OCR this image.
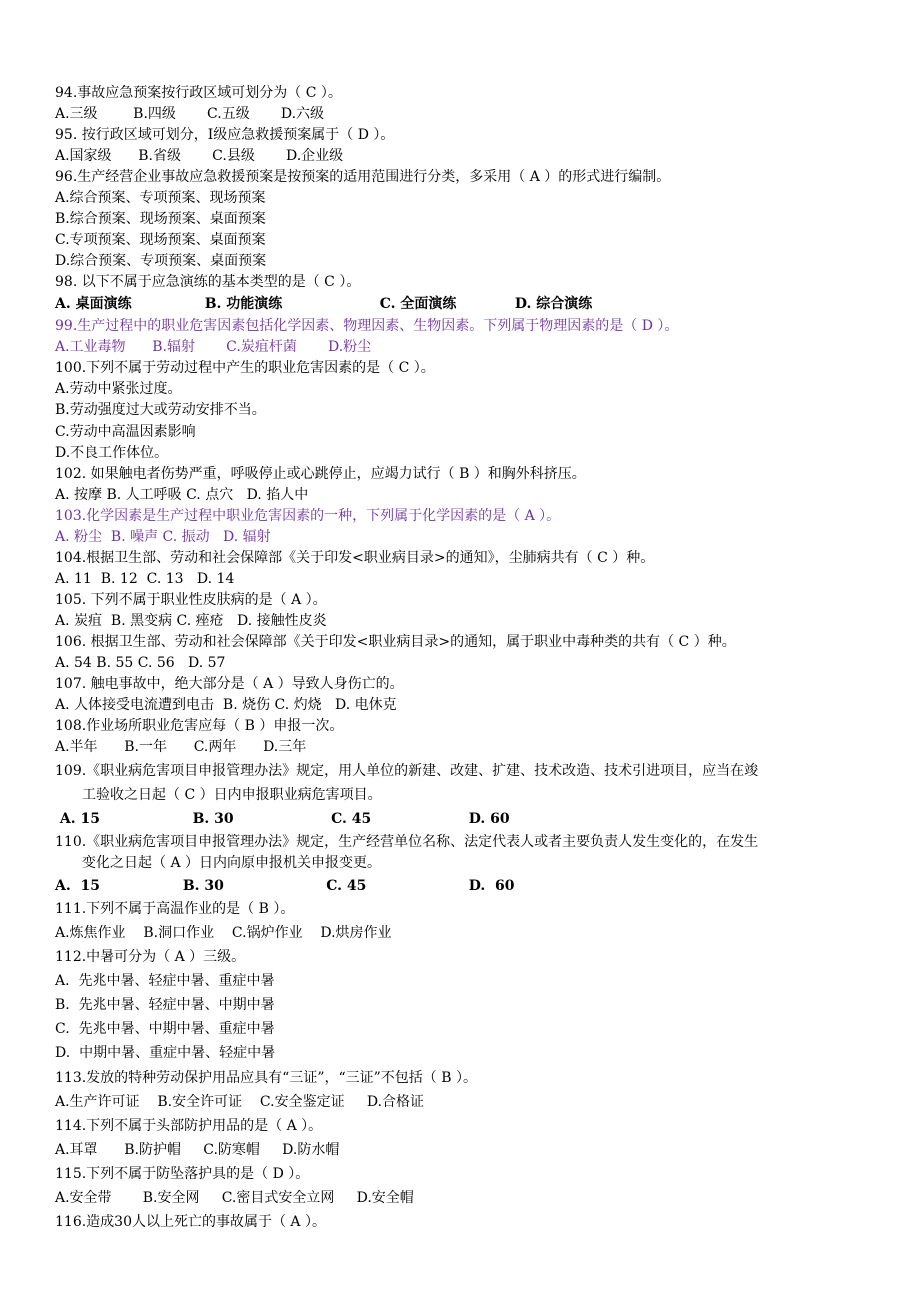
94.事故应急预案按行政区域可划分为（ C ）。
A.三级        B.四级       C.五级       D.六级
95. 按行政区域可划分，Ⅰ级应急救援预案属于（ D ）。
A.国家级      B.省级       C.县级       D.企业级
96.生产经营企业事故应急救援预案是按预案的适用范围进行分类，多采用（ A ）的形式进行编制。
A.综合预案、专项预案、现场预案
B.综合预案、现场预案、桌面预案
C.专项预案、现场预案、桌面预案
D.综合预案、专项预案、桌面预案
98. 以下不属于应急演练的基本类型的是（ C ）。
A. 桌面演练               B. 功能演练                    C. 全面演练            D. 综合演练
99.生产过程中的职业危害因素包括化学因素、物理因素、生物因素。下列属于物理因素的是（ D ）。
A.工业毒物      B.辐射       C.炭疽杆菌       D.粉尘
100.下列不属于劳动过程中产生的职业危害因素的是（ C ）。
A.劳动中紧张过度。
B.劳动强度过大或劳动安排不当。
C.劳动中高温因素影响
D.不良工作体位。
102. 如果触电者伤势严重，呼吸停止或心跳停止，应竭力试行（ B ）和胸外科挤压。
A. 按摩 B. 人工呼吸 C. 点穴   D. 掐人中
103.化学因素是生产过程中职业危害因素的一种，下列属于化学因素的是（ A ）。
A. 粉尘  B. 噪声 C. 振动   D. 辐射
104.根据卫生部、劳动和社会保障部《关于印发<职业病目录>的通知》，尘肺病共有（ C ）种。
A. 11  B. 12  C. 13   D. 14
105. 下列不属于职业性皮肤病的是（ A ）。
A. 炭疽  B. 黑变病 C. 痤疮   D. 接触性皮炎
106. 根据卫生部、劳动和社会保障部《关于印发<职业病目录>的通知，属于职业中毒种类的共有（ C ）种。
A. 54 B. 55 C. 56   D. 57
107. 触电事故中，绝大部分是（ A ）导致人身伤亡的。
A. 人体接受电流遭到电击  B. 烧伤 C. 灼烧   D. 电休克
108.作业场所职业危害应每（ B ）申报一次。
A.半年      B.一年      C.两年      D.三年
109.《职业病危害项目申报管理办法》规定，用人单位的新建、改建、扩建、技术改造、技术引进项目，应当在竣
工验收之日起（ C ）日内申报职业病危害项目。
A. 15                   B. 30                    C. 45                    D. 60
110.《职业病危害项目申报管理办法》规定，生产经营单位名称、法定代表人或者主要负责人发生变化的，在发生
变化之日起（ A ）日内向原申报机关申报变更。
A.  15                 B. 30                     C. 45                     D.  60
111.下列不属于高温作业的是（ B ）。
A.炼焦作业    B.洞口作业    C.锅炉作业    D.烘房作业
112.中暑可分为（ A ）三级。
A.  先兆中暑、轻症中暑、重症中暑
B.  先兆中暑、轻症中暑、中期中暑
C.  先兆中暑、中期中暑、重症中暑
D.  中期中暑、重症中暑、轻症中暑
113.发放的特种劳动保护用品应具有“三证”，“三证”不包括（ B ）。
A.生产许可证    B.安全许可证    C.安全鉴定证     D.合格证
114.下列不属于头部防护用品的是（ A ）。
A.耳罩      B.防护帽     C.防寒帽     D.防水帽
115.下列不属于防坠落护具的是（ D ）。
A.安全带       B.安全网     C.密目式安全立网     D.安全帽
116.造成30人以上死亡的事故属于（ A ）。
